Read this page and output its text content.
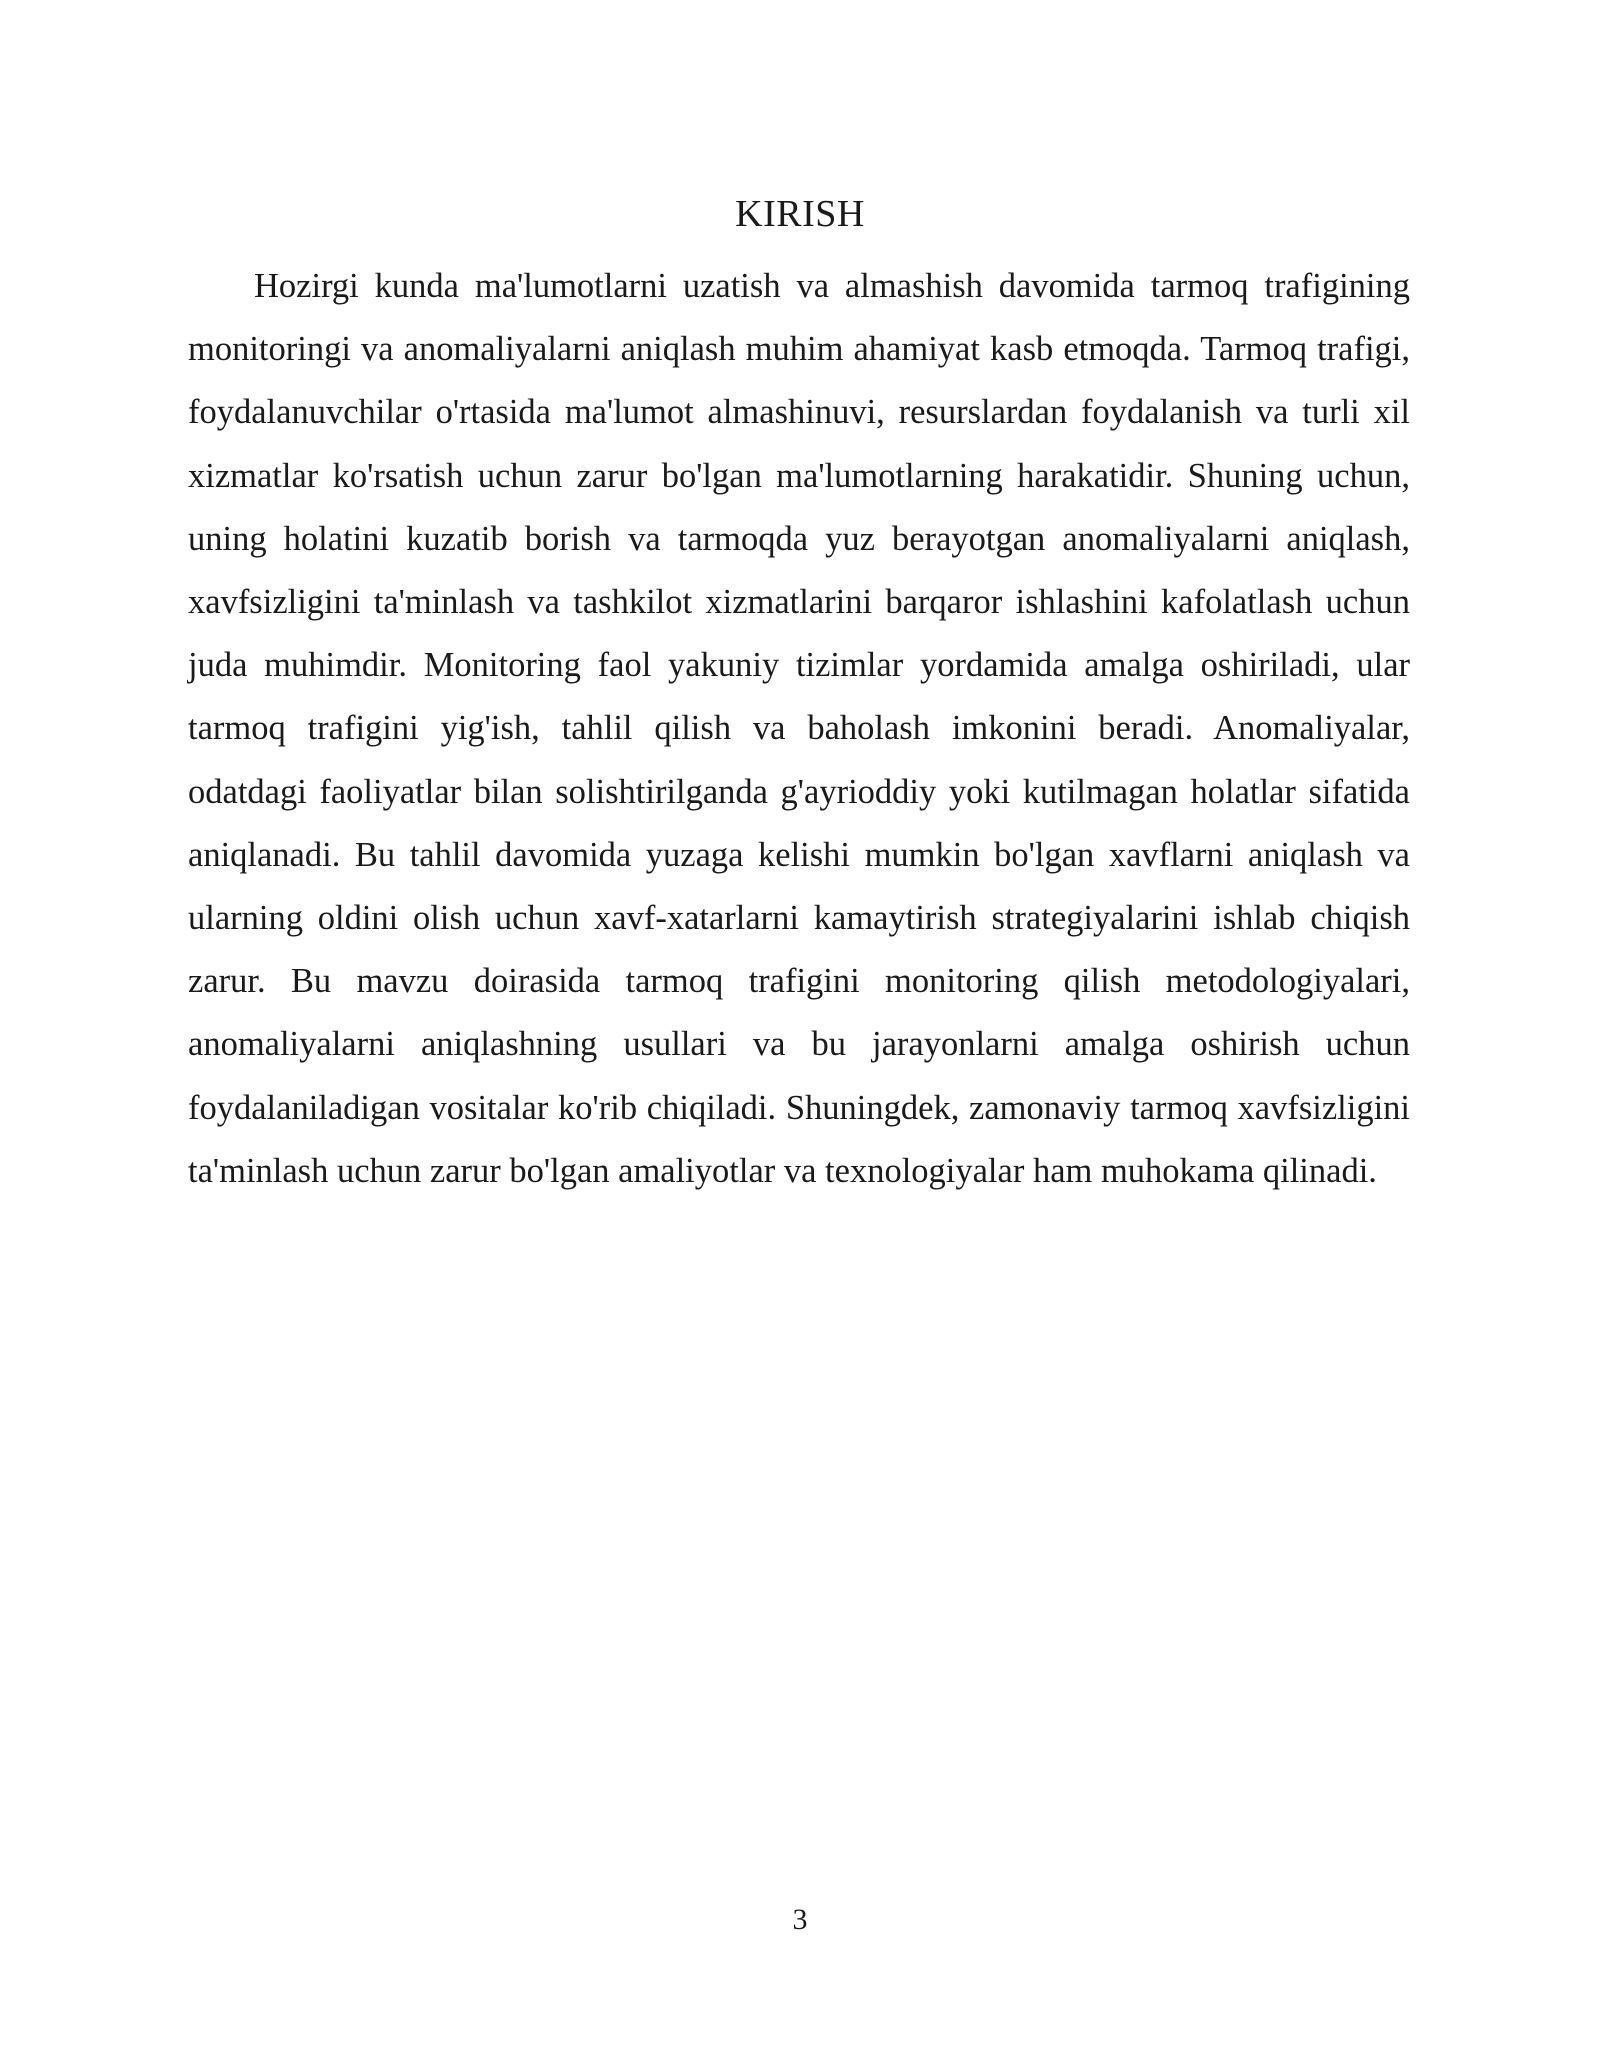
KIRISH

Hozirgi kunda ma'lumotlarni uzatish va almashish davomida tarmoq trafigining monitoringi va anomaliyalarni aniqlash muhim ahamiyat kasb etmoqda. Tarmoq trafigi, foydalanuvchilar o'rtasida ma'lumot almashinuvi, resurslardan foydalanish va turli xil xizmatlar ko'rsatish uchun zarur bo'lgan ma'lumotlarning harakatidir. Shuning uchun, uning holatini kuzatib borish va tarmoqda yuz berayotgan anomaliyalarni aniqlash, xavfsizligini ta'minlash va tashkilot xizmatlarini barqaror ishlashini kafolatlash uchun juda muhimdir. Monitoring faol yakuniy tizimlar yordamida amalga oshiriladi, ular tarmoq trafigini yig'ish, tahlil qilish va baholash imkonini beradi. Anomaliyalar, odatdagi faoliyatlar bilan solishtirilganda g'ayrioddiy yoki kutilmagan holatlar sifatida aniqlanadi. Bu tahlil davomida yuzaga kelishi mumkin bo'lgan xavflarni aniqlash va ularning oldini olish uchun xavf-xatarlarni kamaytirish strategiyalarini ishlab chiqish zarur. Bu mavzu doirasida tarmoq trafigini monitoring qilish metodologiyalari, anomaliyalarni aniqlashning usullari va bu jarayonlarni amalga oshirish uchun foydalaniladigan vositalar ko'rib chiqiladi. Shuningdek, zamonaviy tarmoq xavfsizligini ta'minlash uchun zarur bo'lgan amaliyotlar va texnologiyalar ham muhokama qilinadi.

3
